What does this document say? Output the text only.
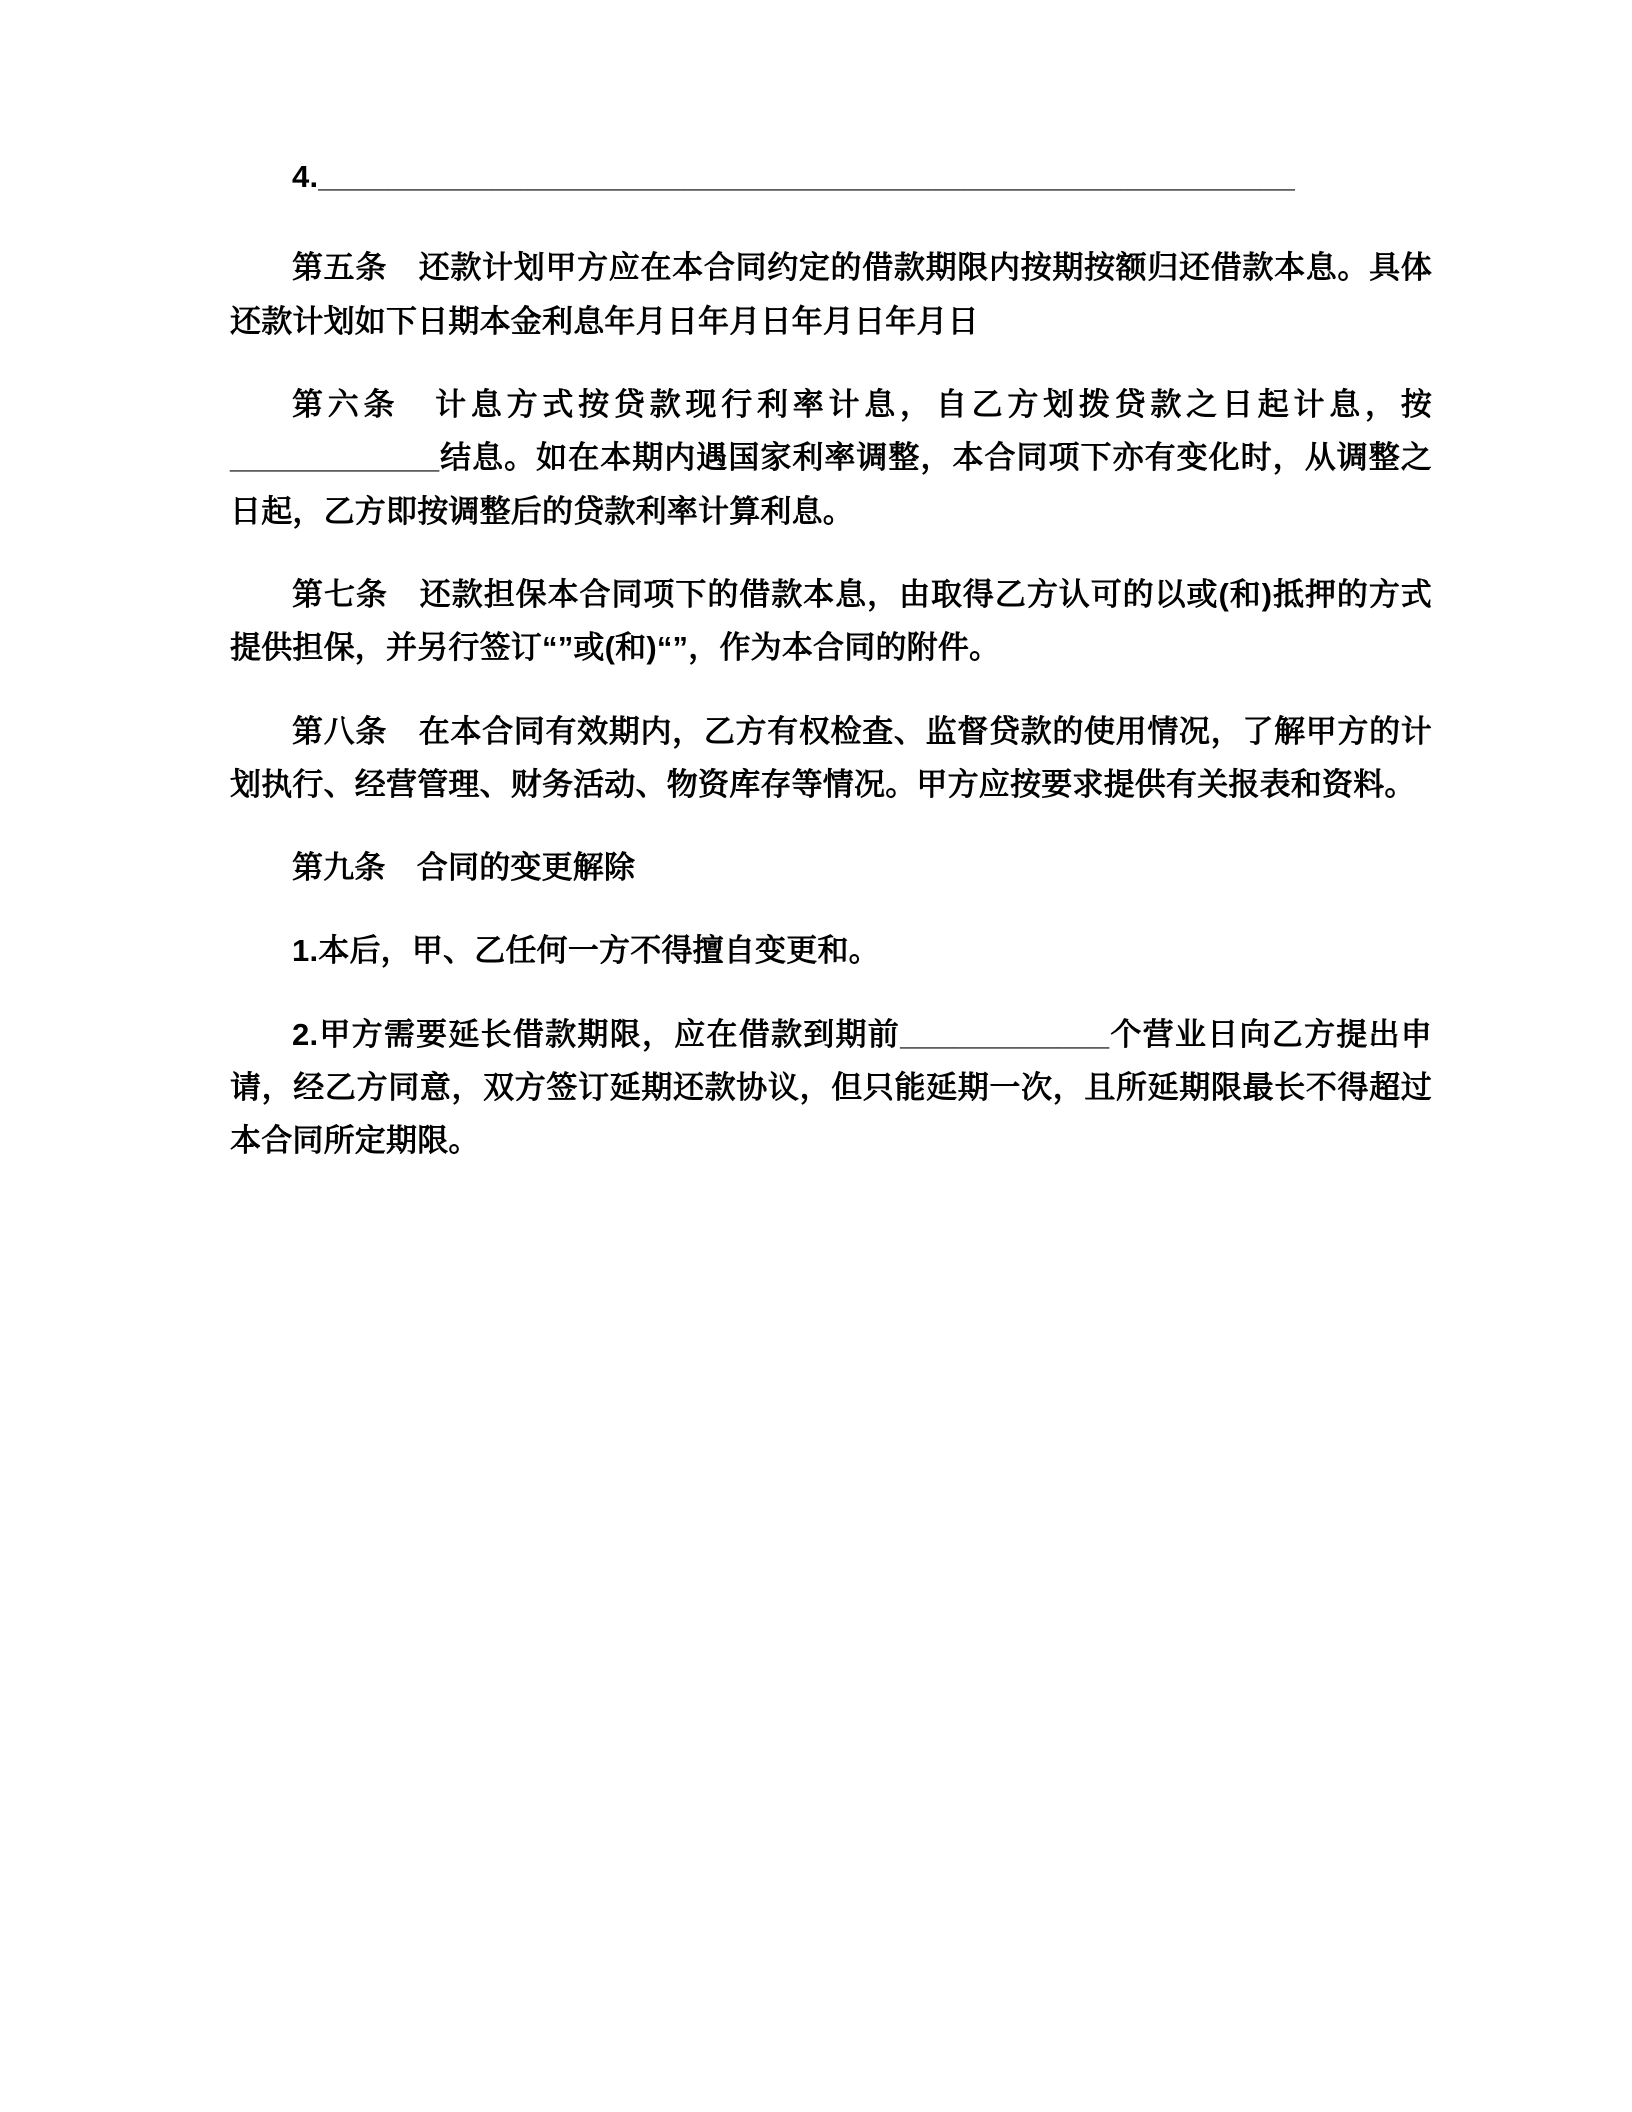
4.________________________________________________________

第五条　还款计划甲方应在本合同约定的借款期限内按期按额归还借款本息。具体还款计划如下日期本金利息年月日年月日年月日年月日

第六条　计息方式按贷款现行利率计息，自乙方划拨贷款之日起计息，按____________结息。如在本期内遇国家利率调整，本合同项下亦有变化时，从调整之日起，乙方即按调整后的贷款利率计算利息。

第七条　还款担保本合同项下的借款本息，由取得乙方认可的以或(和)抵押的方式提供担保，并另行签订“”或(和)“”，作为本合同的附件。

第八条　在本合同有效期内，乙方有权检查、监督贷款的使用情况，了解甲方的计划执行、经营管理、财务活动、物资库存等情况。甲方应按要求提供有关报表和资料。

第九条　合同的变更解除

1.本后，甲、乙任何一方不得擅自变更和。

2.甲方需要延长借款期限，应在借款到期前____________个营业日向乙方提出申请，经乙方同意，双方签订延期还款协议，但只能延期一次，且所延期限最长不得超过本合同所定期限。
